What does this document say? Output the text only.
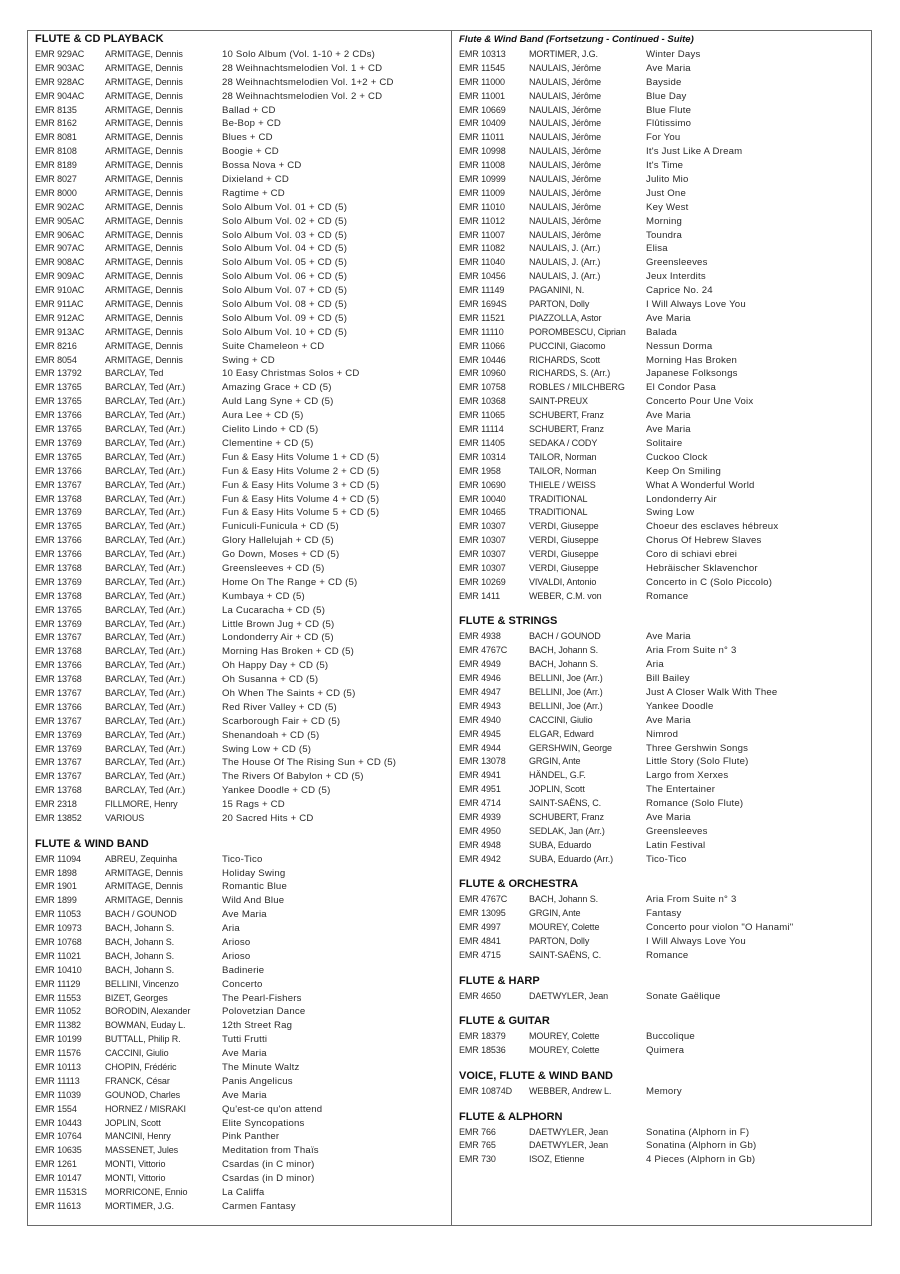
FLUTE & CD PLAYBACK
EMR 929AC ARMITAGE, Dennis	10 Solo Album (Vol. 1-10 + 2 CDs)
EMR 903AC ARMITAGE, Dennis	28 Weihnachtsmelodien Vol. 1 + CD
EMR 928AC ARMITAGE, Dennis	28 Weihnachtsmelodien Vol. 1+2 + CD
EMR 904AC ARMITAGE, Dennis	28 Weihnachtsmelodien Vol. 2 + CD
EMR 8135	ARMITAGE, Dennis	Ballad + CD
EMR 8162	ARMITAGE, Dennis	Be-Bop + CD
EMR 8081	ARMITAGE, Dennis	Blues + CD
EMR 8108	ARMITAGE, Dennis	Boogie + CD
EMR 8189	ARMITAGE, Dennis	Bossa Nova + CD
EMR 8027	ARMITAGE, Dennis	Dixieland + CD
EMR 8000	ARMITAGE, Dennis	Ragtime + CD
EMR 902AC ARMITAGE, Dennis	Solo Album Vol. 01 + CD (5)
EMR 905AC ARMITAGE, Dennis	Solo Album Vol. 02 + CD (5)
EMR 906AC ARMITAGE, Dennis	Solo Album Vol. 03 + CD (5)
EMR 907AC ARMITAGE, Dennis	Solo Album Vol. 04 + CD (5)
EMR 908AC ARMITAGE, Dennis	Solo Album Vol. 05 + CD (5)
EMR 909AC ARMITAGE, Dennis	Solo Album Vol. 06 + CD (5)
EMR 910AC ARMITAGE, Dennis	Solo Album Vol. 07 + CD (5)
EMR 911AC ARMITAGE, Dennis	Solo Album Vol. 08 + CD (5)
EMR 912AC ARMITAGE, Dennis	Solo Album Vol. 09 + CD (5)
EMR 913AC ARMITAGE, Dennis	Solo Album Vol. 10 + CD (5)
EMR 8216	ARMITAGE, Dennis	Suite Chameleon + CD
EMR 8054	ARMITAGE, Dennis	Swing + CD
EMR 13792	BARCLAY, Ted	10 Easy Christmas Solos + CD
EMR 13765	BARCLAY, Ted (Arr.)	Amazing Grace + CD (5)
EMR 13765	BARCLAY, Ted (Arr.)	Auld Lang Syne + CD (5)
EMR 13766	BARCLAY, Ted (Arr.)	Aura Lee + CD (5)
EMR 13765	BARCLAY, Ted (Arr.)	Cielito Lindo + CD (5)
EMR 13769	BARCLAY, Ted (Arr.)	Clementine + CD (5)
EMR 13765	BARCLAY, Ted (Arr.)	Fun & Easy Hits Volume 1 + CD (5)
EMR 13766	BARCLAY, Ted (Arr.)	Fun & Easy Hits Volume 2 + CD (5)
EMR 13767	BARCLAY, Ted (Arr.)	Fun & Easy Hits Volume 3 + CD (5)
EMR 13768	BARCLAY, Ted (Arr.)	Fun & Easy Hits Volume 4 + CD (5)
EMR 13769	BARCLAY, Ted (Arr.)	Fun & Easy Hits Volume 5 + CD (5)
EMR 13765	BARCLAY, Ted (Arr.)	Funiculi-Funicula + CD (5)
EMR 13766	BARCLAY, Ted (Arr.)	Glory Hallelujah + CD (5)
EMR 13766	BARCLAY, Ted (Arr.)	Go Down, Moses + CD (5)
EMR 13768	BARCLAY, Ted (Arr.)	Greensleeves + CD (5)
EMR 13769	BARCLAY, Ted (Arr.)	Home On The Range + CD (5)
EMR 13768	BARCLAY, Ted (Arr.)	Kumbaya + CD (5)
EMR 13765	BARCLAY, Ted (Arr.)	La Cucaracha + CD (5)
EMR 13769	BARCLAY, Ted (Arr.)	Little Brown Jug + CD (5)
EMR 13767	BARCLAY, Ted (Arr.)	Londonderry Air + CD (5)
EMR 13768	BARCLAY, Ted (Arr.)	Morning Has Broken + CD (5)
EMR 13766	BARCLAY, Ted (Arr.)	Oh Happy Day + CD (5)
EMR 13768	BARCLAY, Ted (Arr.)	Oh Susanna + CD (5)
EMR 13767	BARCLAY, Ted (Arr.)	Oh When The Saints + CD (5)
EMR 13766	BARCLAY, Ted (Arr.)	Red River Valley + CD (5)
EMR 13767	BARCLAY, Ted (Arr.)	Scarborough Fair + CD (5)
EMR 13769	BARCLAY, Ted (Arr.)	Shenandoah + CD (5)
EMR 13769	BARCLAY, Ted (Arr.)	Swing Low + CD (5)
EMR 13767	BARCLAY, Ted (Arr.)	The House Of The Rising Sun + CD (5)
EMR 13767	BARCLAY, Ted (Arr.)	The Rivers Of Babylon + CD (5)
EMR 13768	BARCLAY, Ted (Arr.)	Yankee Doodle + CD (5)
EMR 2318	FILLMORE, Henry	15 Rags + CD
EMR 13852	VARIOUS	20 Sacred Hits + CD
FLUTE & WIND BAND
EMR 11094	ABREU, Zequinha	Tico-Tico
EMR 1898	ARMITAGE, Dennis	Holiday Swing
EMR 1901	ARMITAGE, Dennis	Romantic Blue
EMR 1899	ARMITAGE, Dennis	Wild And Blue
EMR 11053	BACH / GOUNOD	Ave Maria
EMR 10973	BACH, Johann S.	Aria
EMR 10768	BACH, Johann S.	Arioso
EMR 11021	BACH, Johann S.	Arioso
EMR 10410	BACH, Johann S.	Badinerie
EMR 11129	BELLINI, Vincenzo	Concerto
EMR 11553	BIZET, Georges	The Pearl-Fishers
EMR 11052	BORODIN, Alexander	Polovetzian Dance
EMR 11382	BOWMAN, Euday L.	12th Street Rag
EMR 10199	BUTTALL, Philip R.	Tutti Frutti
EMR 11576	CACCINI, Giulio	Ave Maria
EMR 10113	CHOPIN, Frédéric	The Minute Waltz
EMR 11113	FRANCK, César	Panis Angelicus
EMR 11039	GOUNOD, Charles	Ave Maria
EMR 1554	HORNEZ / MISRAKI	Qu'est-ce qu'on attend
EMR 10443	JOPLIN, Scott	Elite Syncopations
EMR 10764	MANCINI, Henry	Pink Panther
EMR 10635	MASSENET, Jules	Meditation from Thaïs
EMR 1261	MONTI, Vittorio	Csardas (in C minor)
EMR 10147	MONTI, Vittorio	Csardas (in D minor)
EMR 11531S MORRICONE, Ennio	La Califfa
EMR 11613	MORTIMER, J.G.	Carmen Fantasy
Flute & Wind Band (Fortsetzung - Continued - Suite)
EMR 10313	MORTIMER, J.G.	Winter Days
EMR 11545	NAULAIS, Jérôme	Ave Maria
EMR 11000	NAULAIS, Jérôme	Bayside
EMR 11001	NAULAIS, Jérôme	Blue Day
EMR 10669	NAULAIS, Jérôme	Blue Flute
EMR 10409	NAULAIS, Jérôme	Flûtissimo
EMR 11011	NAULAIS, Jérôme	For You
EMR 10998	NAULAIS, Jérôme	It's Just Like A Dream
EMR 11008	NAULAIS, Jérôme	It's Time
EMR 10999	NAULAIS, Jérôme	Julito Mio
EMR 11009	NAULAIS, Jérôme	Just One
EMR 11010	NAULAIS, Jérôme	Key West
EMR 11012	NAULAIS, Jérôme	Morning
EMR 11007	NAULAIS, Jérôme	Toundra
EMR 11082	NAULAIS, J. (Arr.)	Elisa
EMR 11040	NAULAIS, J. (Arr.)	Greensleeves
EMR 10456	NAULAIS, J. (Arr.)	Jeux Interdits
EMR 11149	PAGANINI, N.	Caprice No. 24
EMR 1694S PARTON, Dolly	I Will Always Love You
EMR 11521	PIAZZOLLA, Astor	Ave Maria
EMR 11110	POROMBESCU, Ciprian Balada
EMR 11066	PUCCINI, Giacomo	Nessun Dorma
EMR 10446	RICHARDS, Scott	Morning Has Broken
EMR 10960	RICHARDS, S. (Arr.)	Japanese Folksongs
EMR 10758	ROBLES / MILCHBERG El Condor Pasa
EMR 10368	SAINT-PREUX	Concerto Pour Une Voix
EMR 11065	SCHUBERT, Franz	Ave Maria
EMR 11114	SCHUBERT, Franz	Ave Maria
EMR 11405	SEDAKA / CODY	Solitaire
EMR 10314	TAILOR, Norman	Cuckoo Clock
EMR 1958	TAILOR, Norman	Keep On Smiling
EMR 10690	THIELE / WEISS	What A Wonderful World
EMR 10040	TRADITIONAL	Londonderry Air
EMR 10465	TRADITIONAL	Swing Low
EMR 10307	VERDI, Giuseppe	Choeur des esclaves hébreux
EMR 10307	VERDI, Giuseppe	Chorus Of Hebrew Slaves
EMR 10307	VERDI, Giuseppe	Coro di schiavi ebrei
EMR 10307	VERDI, Giuseppe	Hebräischer Sklavenchor
EMR 10269	VIVALDI, Antonio	Concerto in C (Solo Piccolo)
EMR 1411	WEBER, C.M. von	Romance
FLUTE & STRINGS
EMR 4938	BACH / GOUNOD	Ave Maria
EMR 4767C BACH, Johann S.	Aria From Suite n° 3
EMR 4949	BACH, Johann S.	Aria
EMR 4946	BELLINI, Joe (Arr.)	Bill Bailey
EMR 4947	BELLINI, Joe (Arr.)	Just A Closer Walk With Thee
EMR 4943	BELLINI, Joe (Arr.)	Yankee Doodle
EMR 4940	CACCINI, Giulio	Ave Maria
EMR 4945	ELGAR, Edward	Nimrod
EMR 4944	GERSHWIN, George	Three Gershwin Songs
EMR 13078	GRGIN, Ante	Little Story (Solo Flute)
EMR 4941	HÄNDEL, G.F.	Largo from Xerxes
EMR 4951	JOPLIN, Scott	The Entertainer
EMR 4714	SAINT-SAËNS, C.	Romance (Solo Flute)
EMR 4939	SCHUBERT, Franz	Ave Maria
EMR 4950	SEDLAK, Jan (Arr.)	Greensleeves
EMR 4948	SUBA, Eduardo	Latin Festival
EMR 4942	SUBA, Eduardo (Arr.)	Tico-Tico
FLUTE & ORCHESTRA
EMR 4767C BACH, Johann S.	Aria From Suite n° 3
EMR 13095	GRGIN, Ante	Fantasy
EMR 4997	MOUREY, Colette	Concerto pour violon "O Hanami"
EMR 4841	PARTON, Dolly	I Will Always Love You
EMR 4715	SAINT-SAËNS, C.	Romance
FLUTE & HARP
EMR 4650	DAETWYLER, Jean	Sonate Gaëlique
FLUTE & GUITAR
EMR 18379	MOUREY, Colette	Buccolique
EMR 18536	MOUREY, Colette	Quimera
VOICE, FLUTE & WIND BAND
EMR 10874D WEBBER, Andrew L.	Memory
FLUTE & ALPHORN
EMR 766	DAETWYLER, Jean	Sonatina (Alphorn in F)
EMR 765	DAETWYLER, Jean	Sonatina (Alphorn in Gb)
EMR 730	ISOZ, Etienne	4 Pieces (Alphorn in Gb)
